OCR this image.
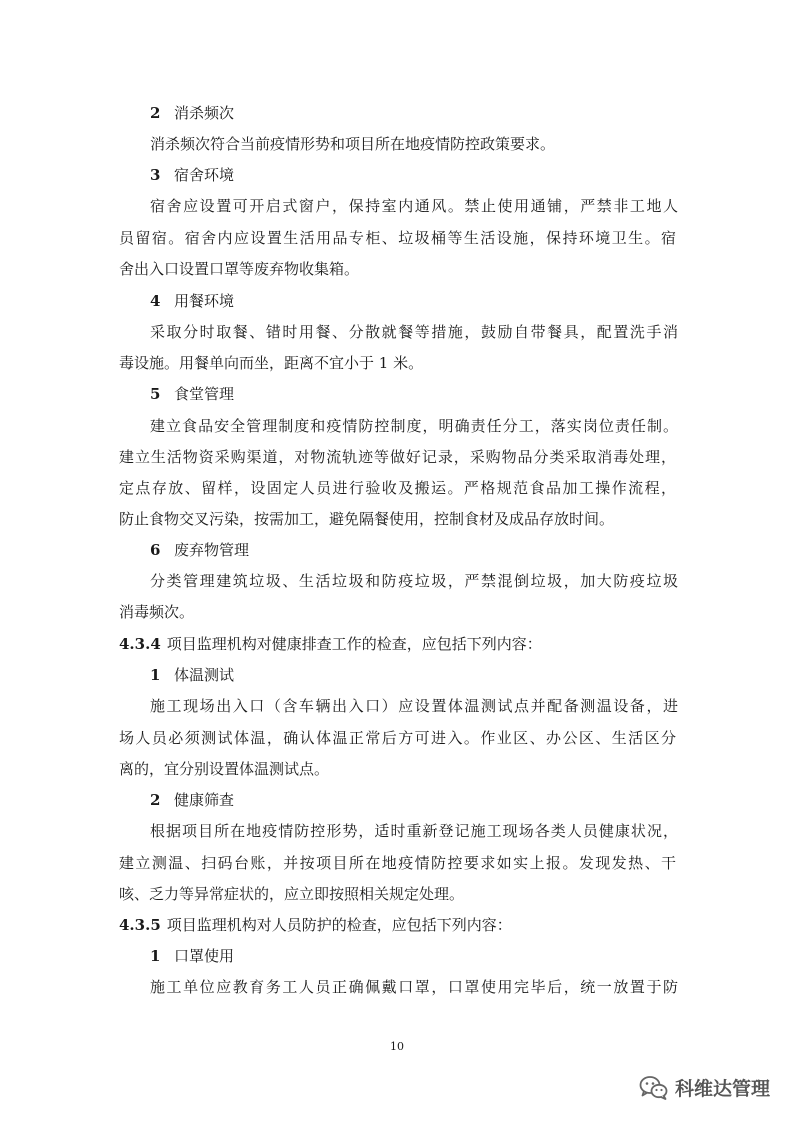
2 消杀频次
消杀频次符合当前疫情形势和项目所在地疫情防控政策要求。
3 宿舍环境
宿舍应设置可开启式窗户，保持室内通风。禁止使用通铺，严禁非工地人
员留宿。宿舍内应设置生活用品专柜、垃圾桶等生活设施，保持环境卫生。宿
舍出入口设置口罩等废弃物收集箱。
4 用餐环境
采取分时取餐、错时用餐、分散就餐等措施，鼓励自带餐具，配置洗手消
毒设施。用餐单向而坐，距离不宜小于 1 米。
5 食堂管理
建立食品安全管理制度和疫情防控制度，明确责任分工，落实岗位责任制。
建立生活物资采购渠道，对物流轨迹等做好记录，采购物品分类采取消毒处理，
定点存放、留样，设固定人员进行验收及搬运。严格规范食品加工操作流程，
防止食物交叉污染，按需加工，避免隔餐使用，控制食材及成品存放时间。
6 废弃物管理
分类管理建筑垃圾、生活垃圾和防疫垃圾，严禁混倒垃圾，加大防疫垃圾
消毒频次。
4.3.4 项目监理机构对健康排查工作的检查，应包括下列内容：
1 体温测试
施工现场出入口（含车辆出入口）应设置体温测试点并配备测温设备，进
场人员必须测试体温，确认体温正常后方可进入。作业区、办公区、生活区分
离的，宜分别设置体温测试点。
2 健康筛查
根据项目所在地疫情防控形势，适时重新登记施工现场各类人员健康状况，
建立测温、扫码台账，并按项目所在地疫情防控要求如实上报。发现发热、干
咳、乏力等异常症状的，应立即按照相关规定处理。
4.3.5 项目监理机构对人员防护的检查，应包括下列内容：
1 口罩使用
施工单位应教育务工人员正确佩戴口罩，口罩使用完毕后，统一放置于防
10
科维达管理
